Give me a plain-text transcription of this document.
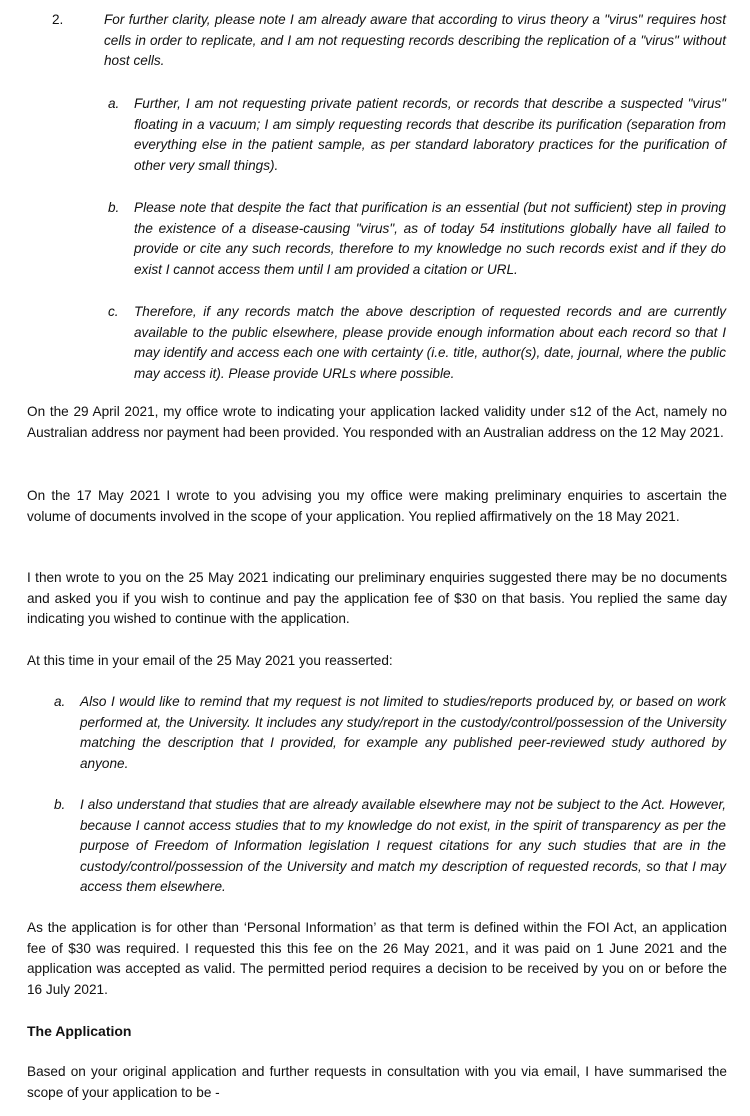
2.	For further clarity, please note I am already aware that according to virus theory a "virus" requires host cells in order to replicate, and I am not requesting records describing the replication of a "virus" without host cells.
a. Further, I am not requesting private patient records, or records that describe a suspected "virus" floating in a vacuum; I am simply requesting records that describe its purification (separation from everything else in the patient sample, as per standard laboratory practices for the purification of other very small things).
b. Please note that despite the fact that purification is an essential (but not sufficient) step in proving the existence of a disease-causing "virus", as of today 54 institutions globally have all failed to provide or cite any such records, therefore to my knowledge no such records exist and if they do exist I cannot access them until I am provided a citation or URL.
c. Therefore, if any records match the above description of requested records and are currently available to the public elsewhere, please provide enough information about each record so that I may identify and access each one with certainty (i.e. title, author(s), date, journal, where the public may access it). Please provide URLs where possible.
On the 29 April 2021, my office wrote to indicating your application lacked validity under s12 of the Act, namely no Australian address nor payment had been provided. You responded with an Australian address on the 12 May 2021.
On the 17 May 2021 I wrote to you advising you my office were making preliminary enquiries to ascertain the volume of documents involved in the scope of your application. You replied affirmatively on the 18 May 2021.
I then wrote to you on the 25 May 2021 indicating our preliminary enquiries suggested there may be no documents and asked you if you wish to continue and pay the application fee of $30 on that basis. You replied the same day indicating you wished to continue with the application.
At this time in your email of the 25 May 2021 you reasserted:
a. Also I would like to remind that my request is not limited to studies/reports produced by, or based on work performed at, the University. It includes any study/report in the custody/control/possession of the University matching the description that I provided, for example any published peer-reviewed study authored by anyone.
b. I also understand that studies that are already available elsewhere may not be subject to the Act. However, because I cannot access studies that to my knowledge do not exist, in the spirit of transparency as per the purpose of Freedom of Information legislation I request citations for any such studies that are in the custody/control/possession of the University and match my description of requested records, so that I may access them elsewhere.
As the application is for other than ‘Personal Information’ as that term is defined within the FOI Act, an application fee of $30 was required. I requested this this fee on the 26 May 2021, and it was paid on 1 June 2021 and the application was accepted as valid. The permitted period requires a decision to be received by you on or before the 16 July 2021.
The Application
Based on your original application and further requests in consultation with you via email, I have summarised the scope of your application to be -
